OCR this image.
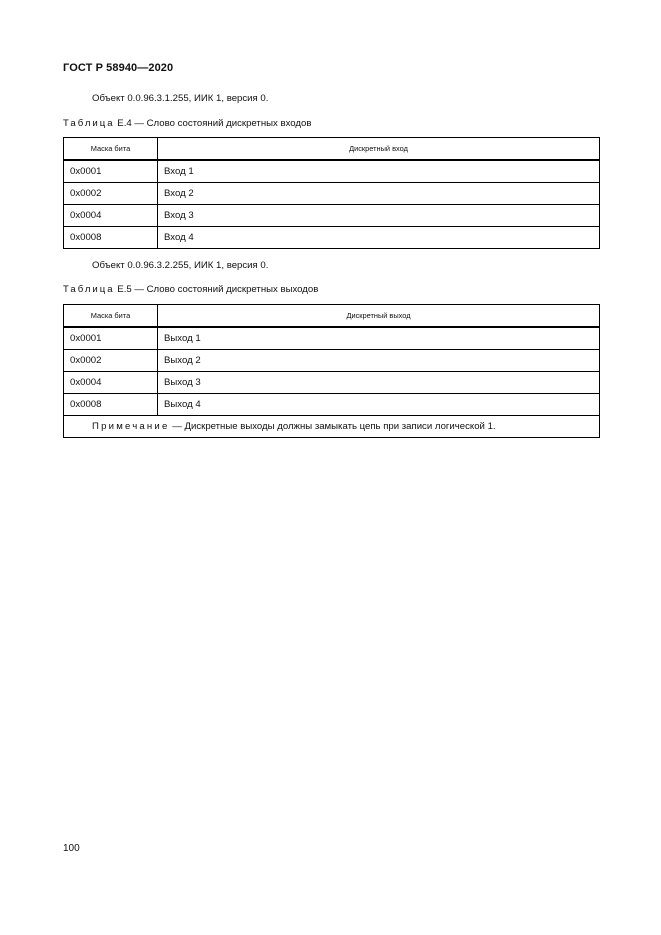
ГОСТ Р 58940—2020
Объект 0.0.96.3.1.255, ИИК 1, версия 0.
Таблица Е.4 — Слово состояний дискретных входов
Маска бита	Дискретный вход
0x0001	Вход 1
0x0002	Вход 2
0x0004	Вход 3
0x0008	Вход 4
Объект 0.0.96.3.2.255, ИИК 1, версия 0.
Таблица Е.5 — Слово состояний дискретных выходов
Маска бита	Дискретный выход
0x0001	Выход 1
0x0002	Выход 2
0x0004	Выход 3
0x0008	Выход 4
Примечание — Дискретные выходы должны замыкать цепь при записи логической 1.	
100
